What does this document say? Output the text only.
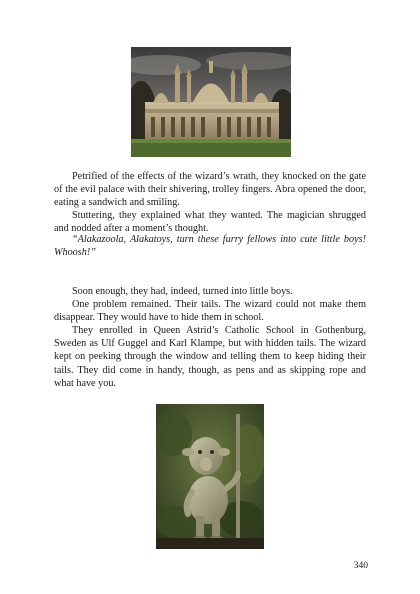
Petrified of the effects of the wizard’s wrath, they knocked on the gate of the evil palace with their shivering, trolley fingers. Abra opened the door, eating a sandwich and smiling.

Stuttering, they explained what they wanted. The magician shrugged and nodded after a moment’s thought.

“Alakazoola, Alakatoys, turn these furry fellows into cute little boys! Whoosh!”

Soon enough, they had, indeed, turned into little boys.

One problem remained. Their tails. The wizard could not make them disappear. They would have to hide them in school.

They enrolled in Queen Astrid’s Catholic School in Gothenburg, Sweden as Ulf Guggel and Karl Klampe, but with hidden tails. The wizard kept on peeking through the window and telling them to keep hiding their tails. They did come in handy, though, as pens and as skipping rope and what have you.

340
